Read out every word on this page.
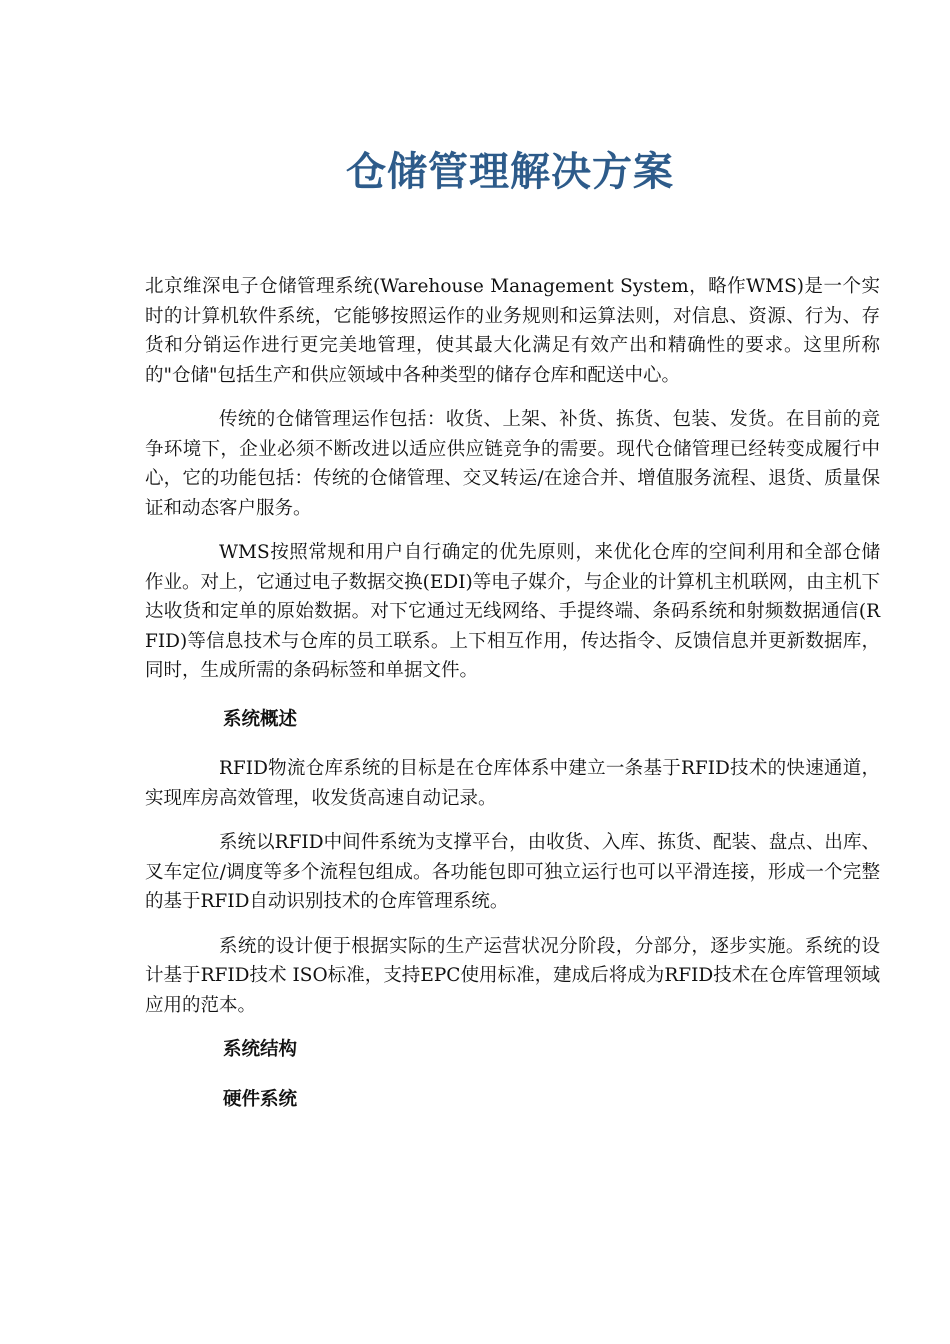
仓储管理解决方案

北京维深电子仓储管理系统(Warehouse Management System，略作WMS)是一个实时的计算机软件系统，它能够按照运作的业务规则和运算法则，对信息、资源、行为、存货和分销运作进行更完美地管理，使其最大化满足有效产出和精确性的要求。这里所称的"仓储"包括生产和供应领域中各种类型的储存仓库和配送中心。

传统的仓储管理运作包括：收货、上架、补货、拣货、包装、发货。在目前的竞争环境下，企业必须不断改进以适应供应链竞争的需要。现代仓储管理已经转变成履行中心，它的功能包括：传统的仓储管理、交叉转运/在途合并、增值服务流程、退货、质量保证和动态客户服务。

WMS按照常规和用户自行确定的优先原则，来优化仓库的空间利用和全部仓储作业。对上，它通过电子数据交换(EDI)等电子媒介，与企业的计算机主机联网，由主机下达收货和定单的原始数据。对下它通过无线网络、手提终端、条码系统和射频数据通信(RFID)等信息技术与仓库的员工联系。上下相互作用，传达指令、反馈信息并更新数据库，同时，生成所需的条码标签和单据文件。

系统概述

RFID物流仓库系统的目标是在仓库体系中建立一条基于RFID技术的快速通道，实现库房高效管理，收发货高速自动记录。

系统以RFID中间件系统为支撑平台，由收货、入库、拣货、配装、盘点、出库、叉车定位/调度等多个流程包组成。各功能包即可独立运行也可以平滑连接，形成一个完整的基于RFID自动识别技术的仓库管理系统。

系统的设计便于根据实际的生产运营状况分阶段，分部分，逐步实施。系统的设计基于RFID技术 ISO标准，支持EPC使用标准，建成后将成为RFID技术在仓库管理领域应用的范本。

系统结构
硬件系统
